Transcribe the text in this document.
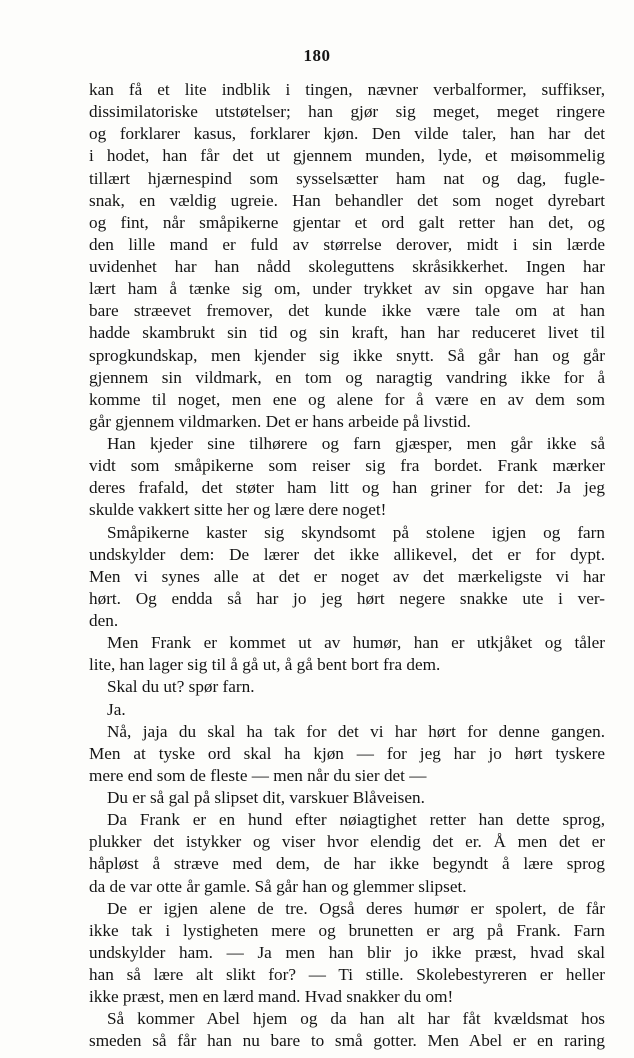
180
kan få et lite indblik i tingen, nævner verbalformer, suffikser,
dissimilatoriske utstøtelser; han gjør sig meget, meget ringere
og forklarer kasus, forklarer kjøn. Den vilde taler, han har det
i hodet, han får det ut gjennem munden, lyde, et møisommelig
tillært hjærnespind som sysselsætter ham nat og dag, fugle-
snak, en vældig ugreie. Han behandler det som noget dyrebart
og fint, når småpikerne gjentar et ord galt retter han det, og
den lille mand er fuld av størrelse derover, midt i sin lærde
uvidenhet har han nådd skoleguttens skråsikkerhet. Ingen har
lært ham å tænke sig om, under trykket av sin opgave har han
bare stræevet fremover, det kunde ikke være tale om at han
hadde skambrukt sin tid og sin kraft, han har reduceret livet til
sprogkundskap, men kjender sig ikke snytt. Så går han og går
gjennem sin vildmark, en tom og naragtig vandring ikke for å
komme til noget, men ene og alene for å være en av dem som
går gjennem vildmarken. Det er hans arbeide på livstid.
Han kjeder sine tilhørere og farn gjæsper, men går ikke så
vidt som småpikerne som reiser sig fra bordet. Frank mærker
deres frafald, det støter ham litt og han griner for det: Ja jeg
skulde vakkert sitte her og lære dere noget!
Småpikerne kaster sig skyndsomt på stolene igjen og farn
undskylder dem: De lærer det ikke allikevel, det er for dypt.
Men vi synes alle at det er noget av det mærkeligste vi har
hørt. Og endda så har jo jeg hørt negere snakke ute i ver-
den.
Men Frank er kommet ut av humør, han er utkjåket og tåler
lite, han lager sig til å gå ut, å gå bent bort fra dem.
Skal du ut? spør farn.
Ja.
Nå, jaja du skal ha tak for det vi har hørt for denne gangen.
Men at tyske ord skal ha kjøn — for jeg har jo hørt tyskere
mere end som de fleste — men når du sier det —
Du er så gal på slipset dit, varskuer Blåveisen.
Da Frank er en hund efter nøiagtighet retter han dette sprog,
plukker det istykker og viser hvor elendig det er. Å men det er
håpløst å stræve med dem, de har ikke begyndt å lære sprog
da de var otte år gamle. Så går han og glemmer slipset.
De er igjen alene de tre. Også deres humør er spolert, de får
ikke tak i lystigheten mere og brunetten er arg på Frank. Farn
undskylder ham. — Ja men han blir jo ikke præst, hvad skal
han så lære alt slikt for? — Ti stille. Skolebestyreren er heller
ikke præst, men en lærd mand. Hvad snakker du om!
Så kommer Abel hjem og da han alt har fåt kvældsmat hos
smeden så får han nu bare to små gotter. Men Abel er en raring
